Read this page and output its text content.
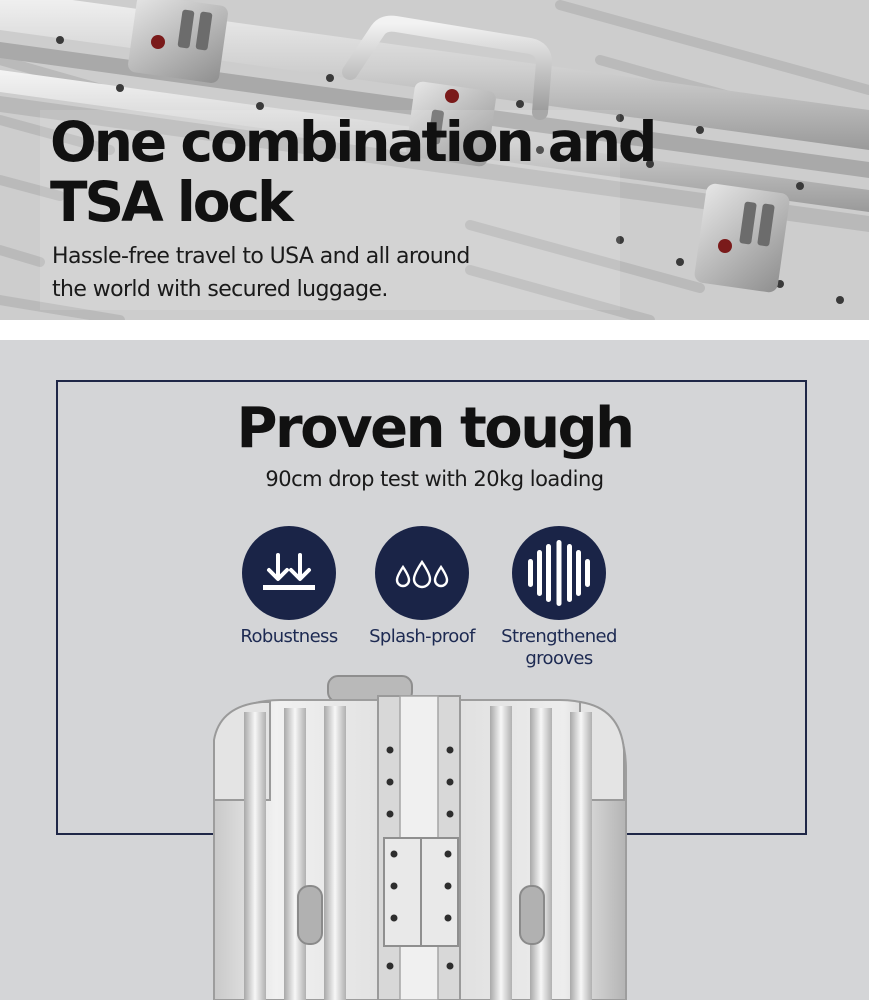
One combination and
TSA lock

Hassle-free travel to USA and all around
the world with secured luggage.

Proven tough

90cm drop test with 20kg loading

Robustness	Splash-proof	Strengthened
grooves
